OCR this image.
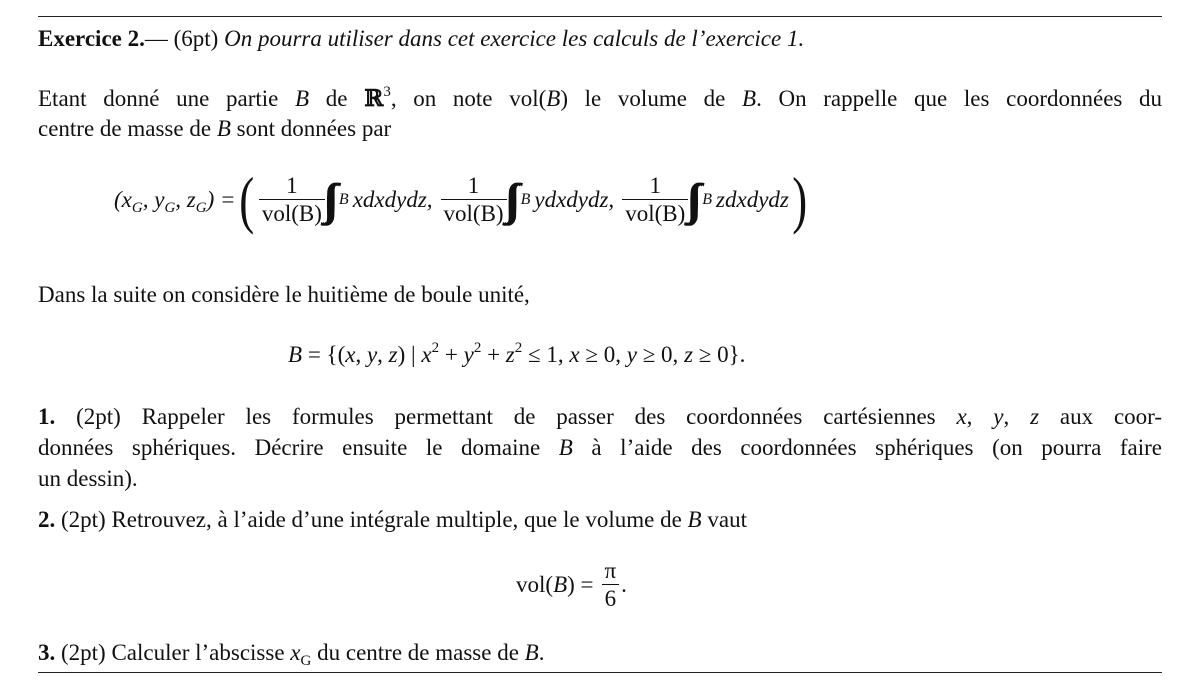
Exercice 2.— (6pt) On pourra utiliser dans cet exercice les calculs de l’exercice 1.
Etant donné une partie B de ℝ$^3$, on note vol(B) le volume de B. On rappelle que les coordonnées du
centre de masse de B sont données par
($x_G$, $y_G$, $z_G$) = ( $\frac{1}{\text{vol(B)}}$ B xdxdydz, $\frac{1}{\text{vol(B)}}$ B ydxdydz, $\frac{1}{\text{vol(B)}}$ B zdxdydz )
Dans la suite on considère le huitième de boule unité,
B = {(x, y, z) | $x^2 + y^2 + z^2 \le 1$, x ≥ 0, y ≥ 0, z ≥ 0}.
1. (2pt) Rappeler les formules permettant de passer des coordonnées cartésiennes x, y, z aux coor-
données sphériques. Décrire ensuite le domaine B à l’aide des coordonnées sphériques (on pourra faire
un dessin).
2. (2pt) Retrouvez, à l’aide d’une intégrale multiple, que le volume de B vaut
$vol(B) = \frac{\pi}{6}$ .
3. (2pt) Calculer l’abscisse $x_G$ du centre de masse de B.
